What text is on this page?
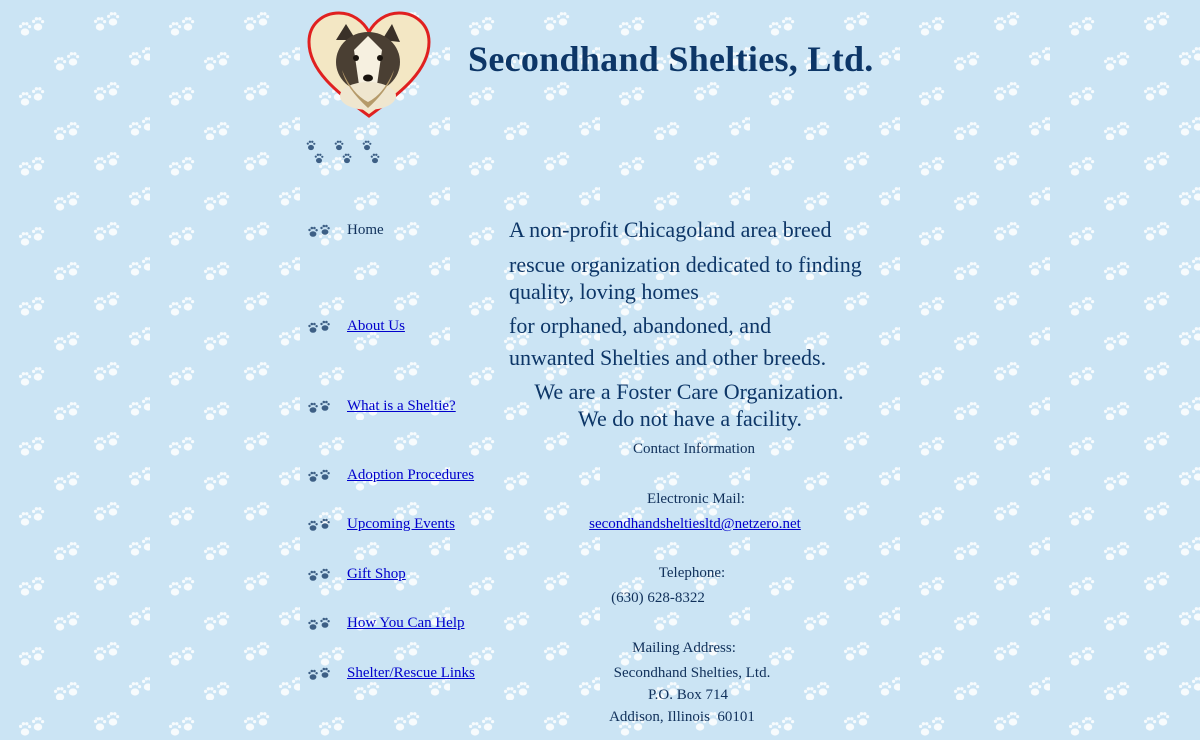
Secondhand Shelties, Ltd.
Home
About Us
What is a Sheltie?
Adoption Procedures
Upcoming Events
Gift Shop
How You Can Help
Shelter/Rescue Links
A non-profit Chicagoland area breed
rescue organization dedicated to finding
quality, loving homes
for orphaned, abandoned, and
unwanted Shelties and other breeds.
We are a Foster Care Organization.
We do not have a facility.
Contact Information
Electronic Mail:
secondhandsheltiesltd@netzero.net
Telephone:
(630) 628-8322
Mailing Address:
Secondhand Shelties, Ltd.
P.O. Box 714
Addison, Illinois  60101
